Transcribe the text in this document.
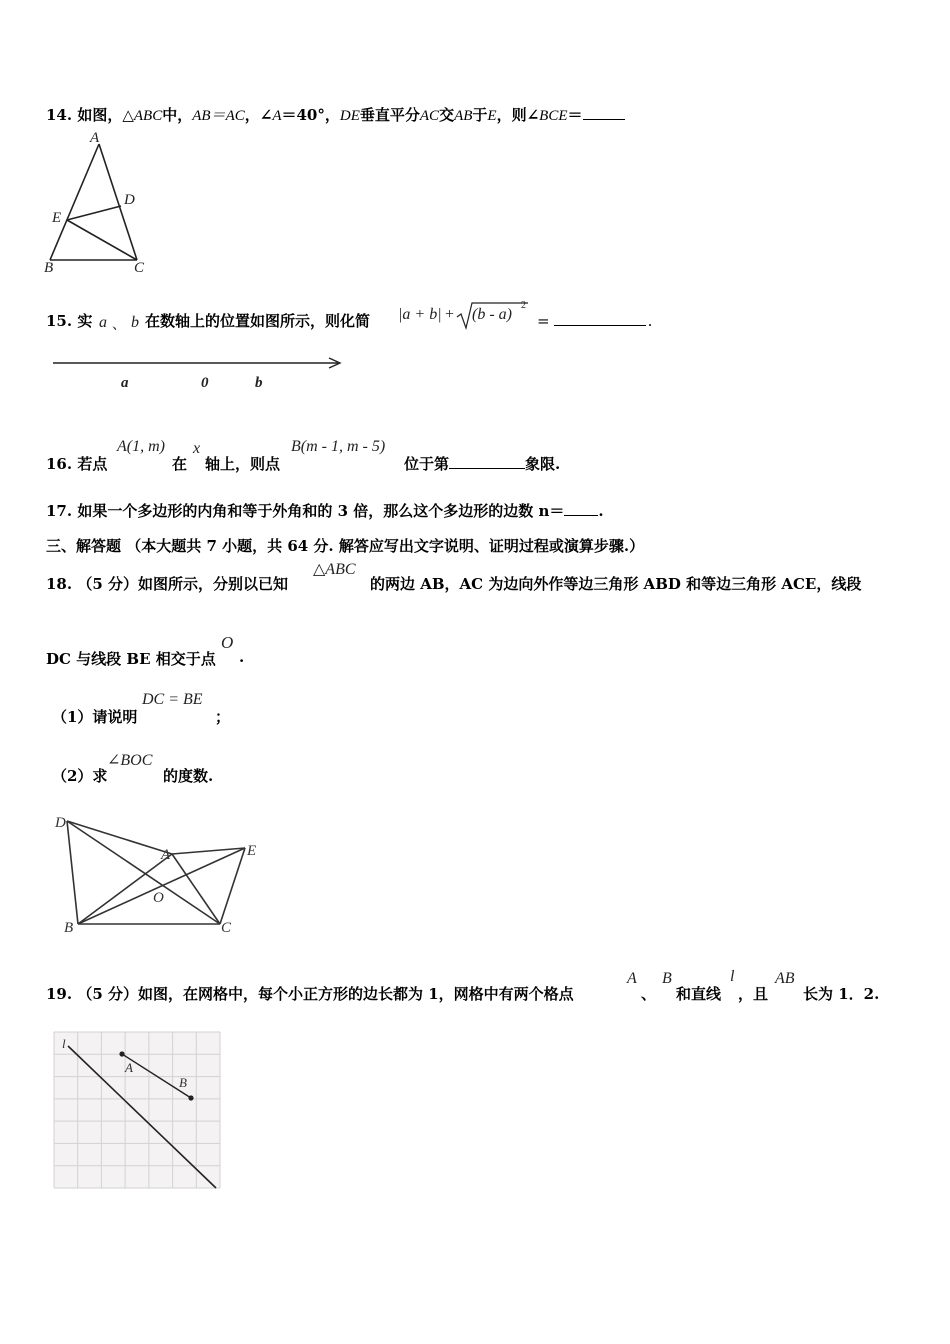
14. 如图，△ABC中，AB＝AC，∠A＝40°，DE垂直平分AC交AB于E，则∠BCE＝
A
D
E
B	C
15. 实 a 、 b 在数轴上的位置如图所示，则化简 |a + b| + (b - a)
2
=	.
a	0	b
16. 若点
A(1, m)
在
x
轴上，则点
B(m - 1, m - 5)
位于第	象限.
17. 如果一个多边形的内角和等于外角和的 3 倍，那么这个多边形的边数 n＝ .
三、解答题 （本大题共 7 小题，共 64 分. 解答应写出文字说明、证明过程或演算步骤.）
18. （5 分）如图所示，分别以已知
△ABC
的两边 AB，AC 为边向外作等边三角形 ABD 和等边三角形 ACE，线段
DC 与线段 BE 相交于点
O
.
（1）请说明
DC = BE
；
（2）求
∠BOC
的度数.
D
A	E
O
B	C
19. （5 分）如图，在网格中，每个小正方形的边长都为 1，网格中有两个格点
A
、
B
和直线
l
，且
AB
长为 1．2.
l
A
B
